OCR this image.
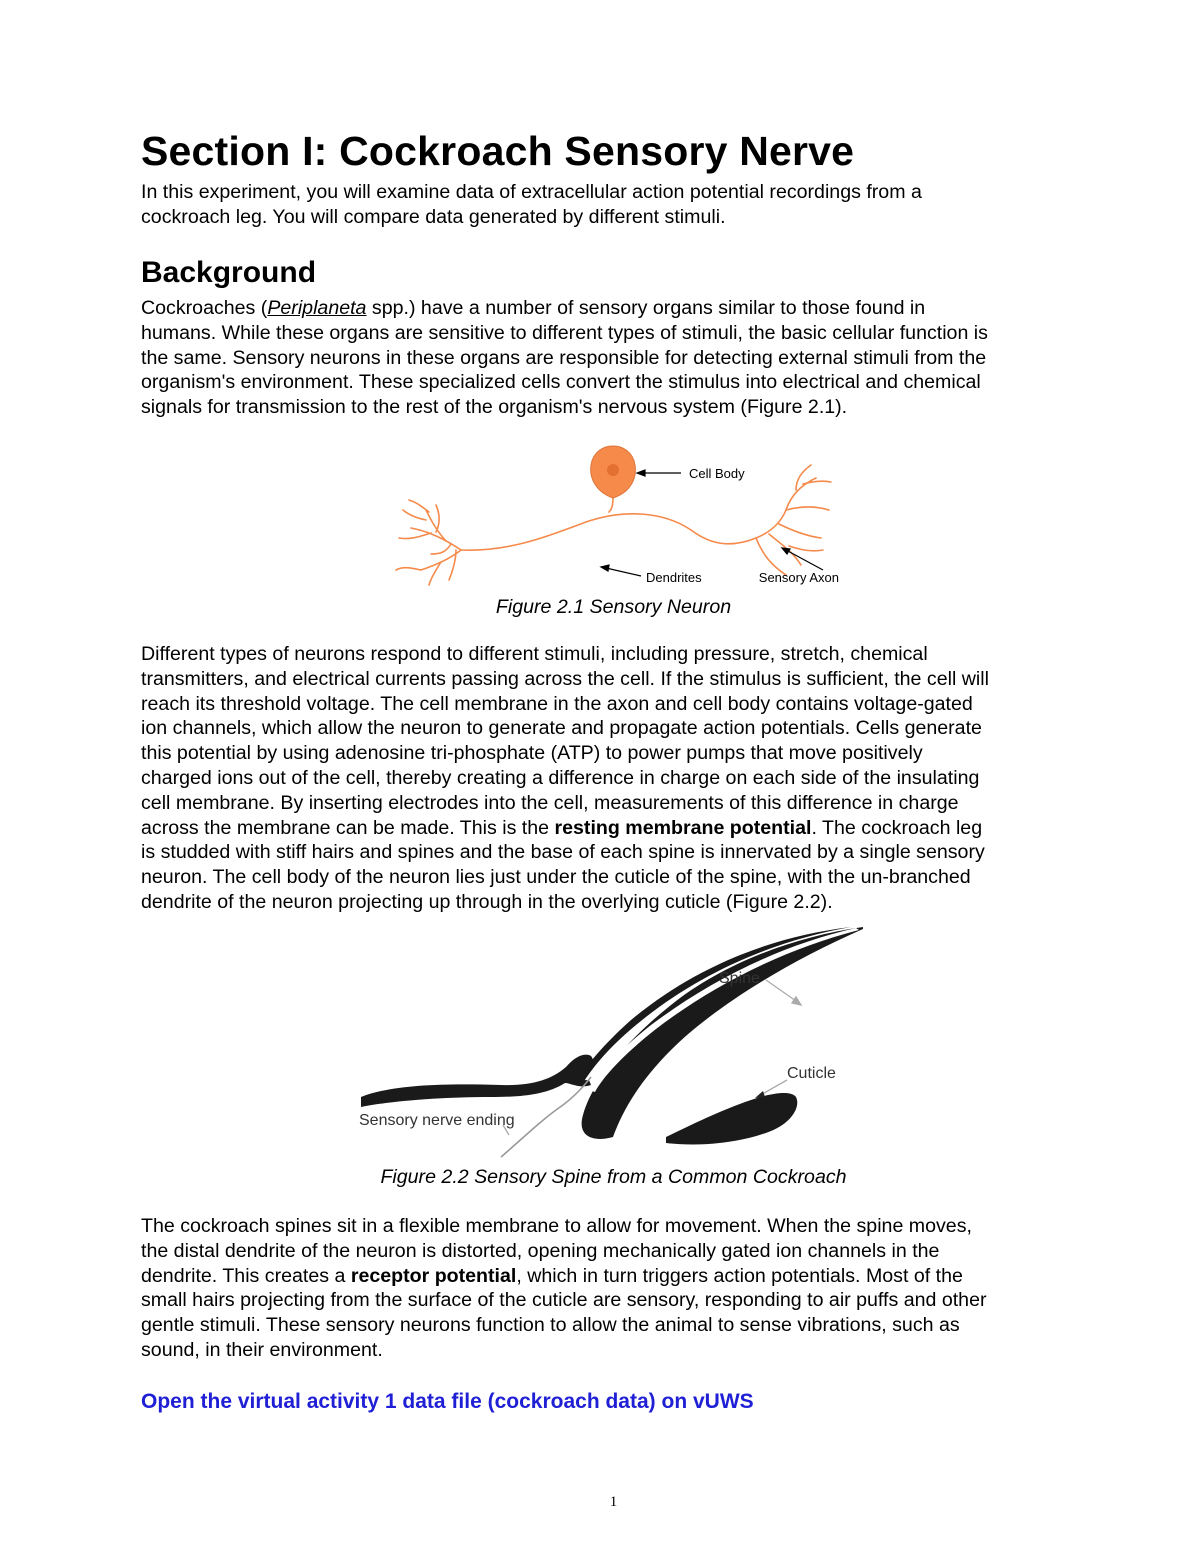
Section I: Cockroach Sensory Nerve

In this experiment, you will examine data of extracellular action potential recordings from a
cockroach leg. You will compare data generated by different stimuli.

Background

Cockroaches (Periplaneta spp.) have a number of sensory organs similar to those found in
humans. While these organs are sensitive to different types of stimuli, the basic cellular function is
the same. Sensory neurons in these organs are responsible for detecting external stimuli from the
organism's environment. These specialized cells convert the stimulus into electrical and chemical
signals for transmission to the rest of the organism's nervous system (Figure 2.1).

Cell Body
Dendrites	Sensory Axon
Figure 2.1 Sensory Neuron

Different types of neurons respond to different stimuli, including pressure, stretch, chemical
transmitters, and electrical currents passing across the cell. If the stimulus is sufficient, the cell will
reach its threshold voltage. The cell membrane in the axon and cell body contains voltage-gated
ion channels, which allow the neuron to generate and propagate action potentials. Cells generate
this potential by using adenosine tri-phosphate (ATP) to power pumps that move positively
charged ions out of the cell, thereby creating a difference in charge on each side of the insulating
cell membrane. By inserting electrodes into the cell, measurements of this difference in charge
across the membrane can be made. This is the resting membrane potential. The cockroach leg
is studded with stiff hairs and spines and the base of each spine is innervated by a single sensory
neuron. The cell body of the neuron lies just under the cuticle of the spine, with the un-branched
dendrite of the neuron projecting up through in the overlying cuticle (Figure 2.2).

Spine
Sensory nerve ending
Cuticle
Figure 2.2 Sensory Spine from a Common Cockroach

The cockroach spines sit in a flexible membrane to allow for movement. When the spine moves,
the distal dendrite of the neuron is distorted, opening mechanically gated ion channels in the
dendrite. This creates a receptor potential, which in turn triggers action potentials. Most of the
small hairs projecting from the surface of the cuticle are sensory, responding to air puffs and other
gentle stimuli. These sensory neurons function to allow the animal to sense vibrations, such as
sound, in their environment.

Open the virtual activity 1 data file (cockroach data) on vUWS
1
